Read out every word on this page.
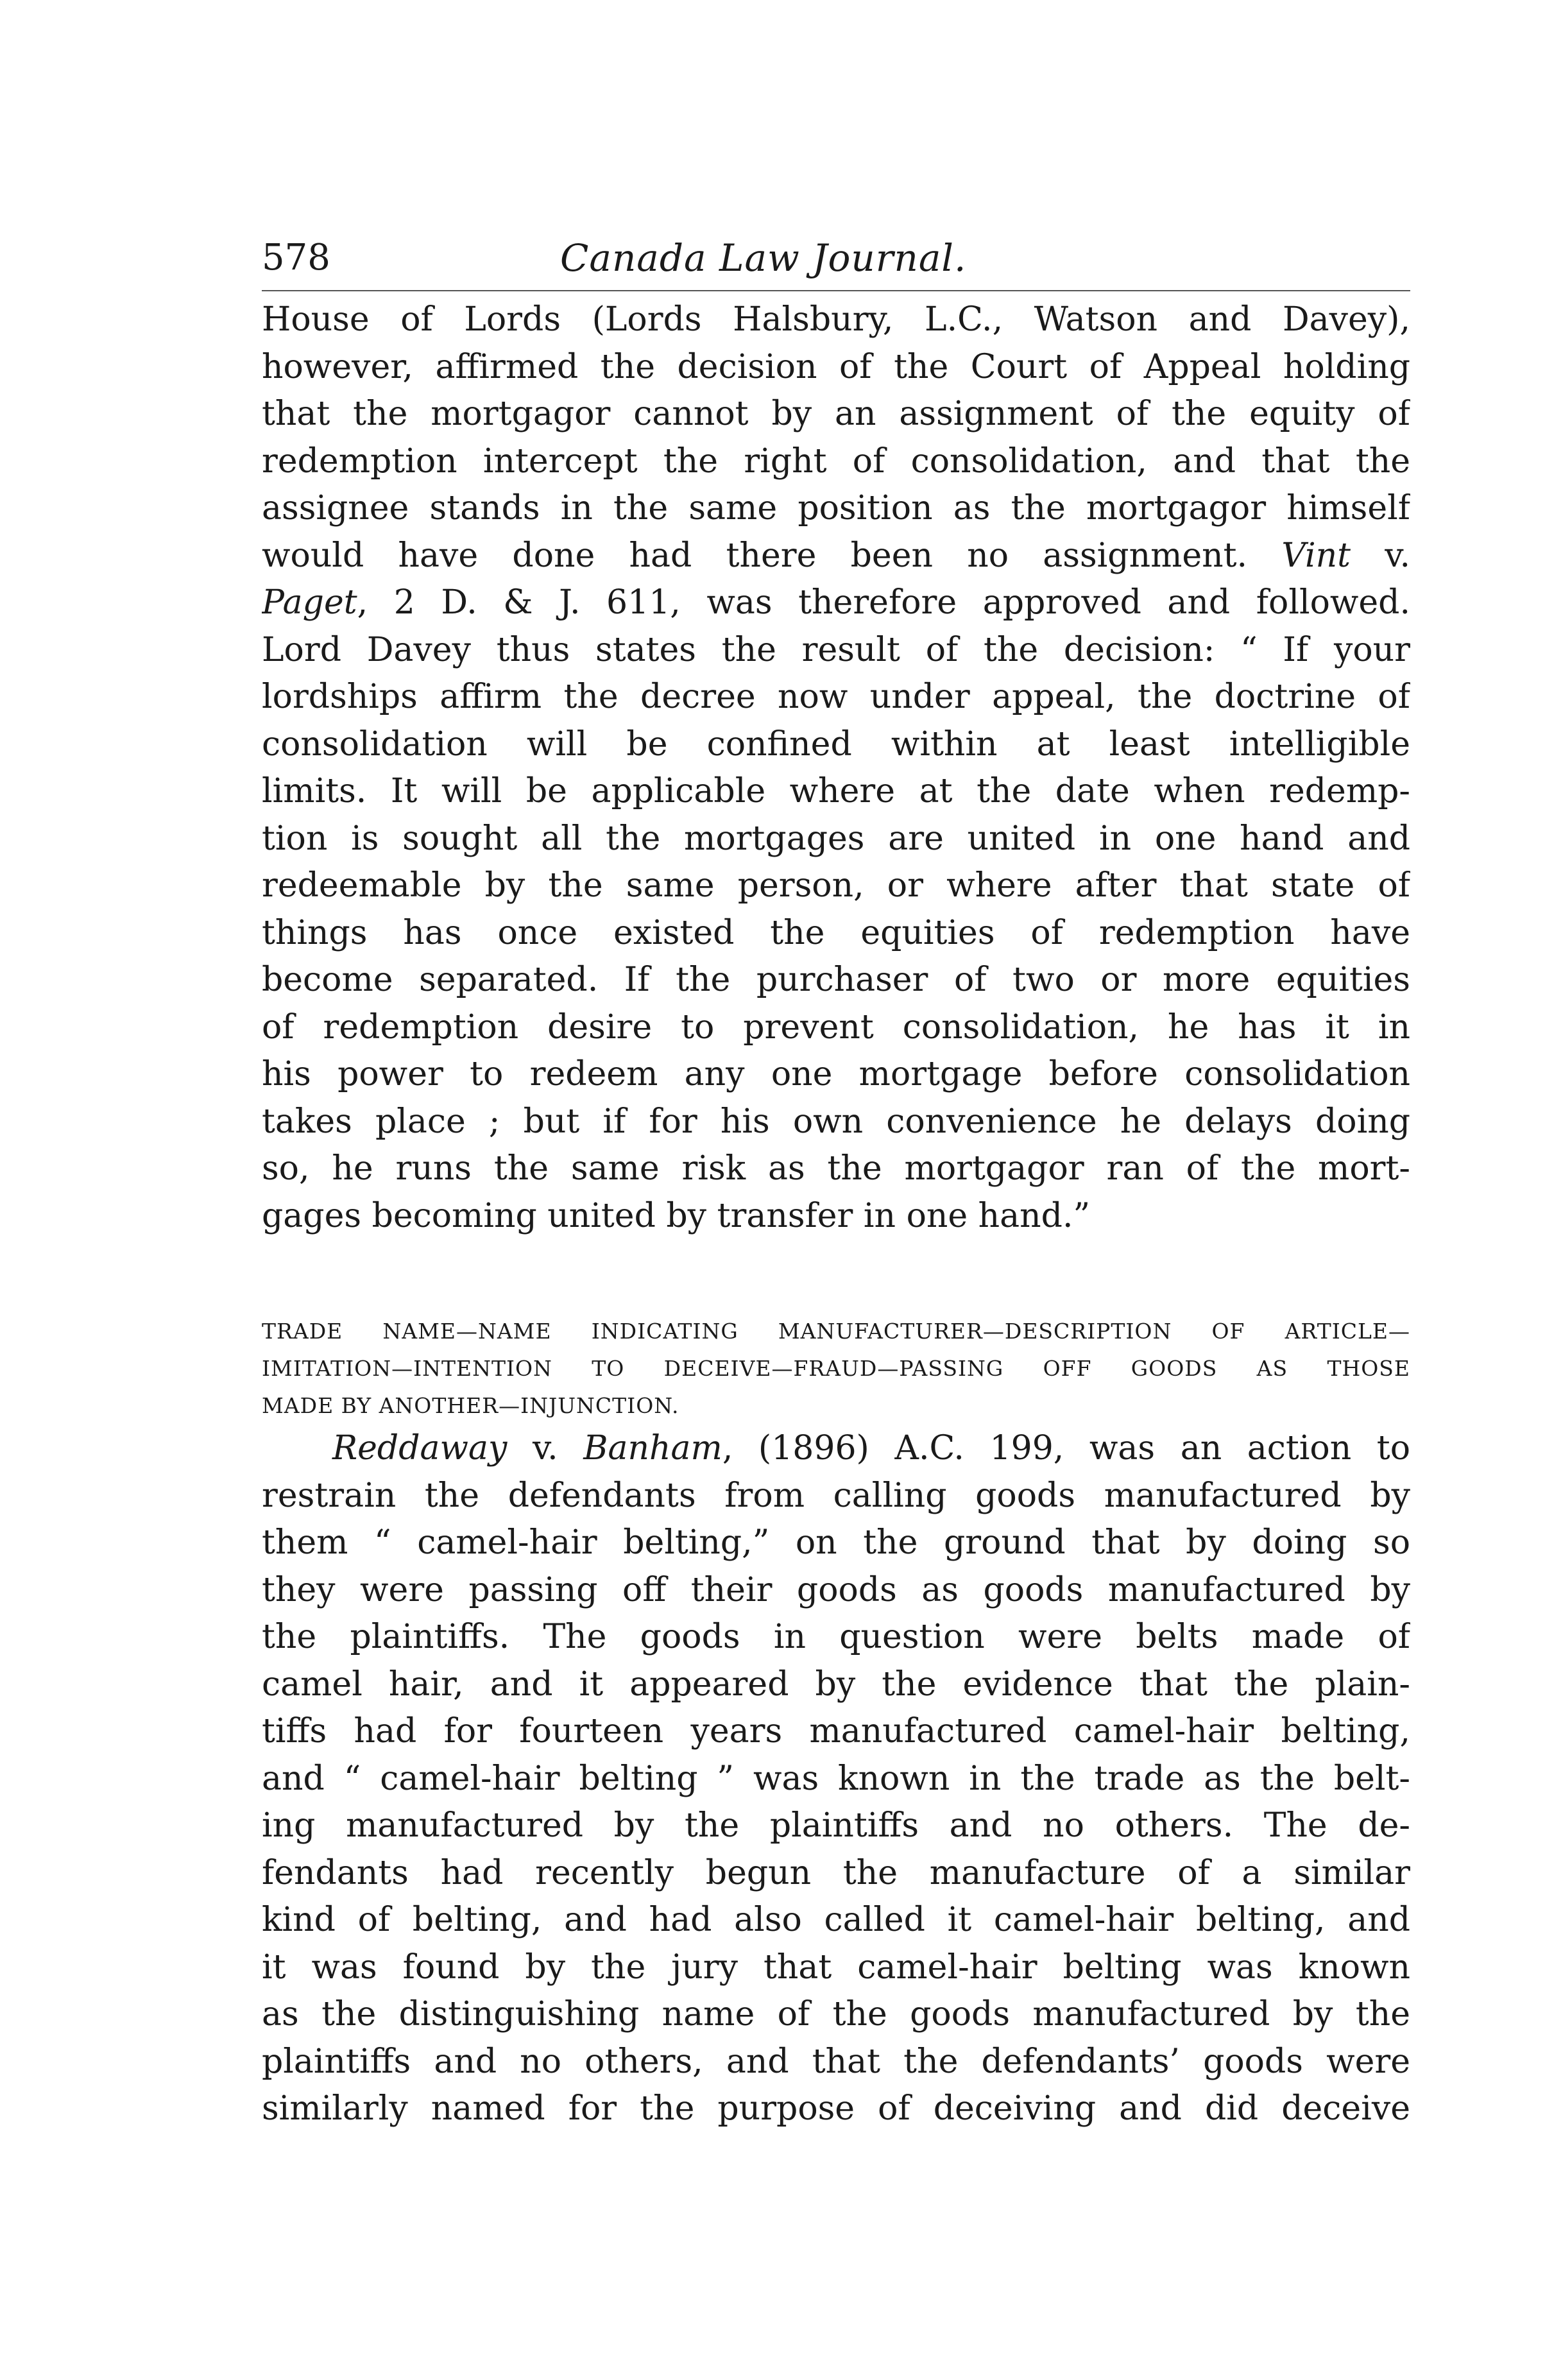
578	Canada Law Journal.
House of Lords (Lords Halsbury, L.C., Watson and Davey),
however, affirmed the decision of the Court of Appeal holding
that the mortgagor cannot by an assignment of the equity of
redemption intercept the right of consolidation, and that the
assignee stands in the same position as the mortgagor himself
would have done had there been no assignment. Vint v.
Paget, 2 D. & J. 611, was therefore approved and followed.
Lord Davey thus states the result of the decision: “ If your
lordships affirm the decree now under appeal, the doctrine of
consolidation will be confined within at least intelligible
limits. It will be applicable where at the date when redemp-
tion is sought all the mortgages are united in one hand and
redeemable by the same person, or where after that state of
things has once existed the equities of redemption have
become separated. If the purchaser of two or more equities
of redemption desire to prevent consolidation, he has it in
his power to redeem any one mortgage before consolidation
takes place ; but if for his own convenience he delays doing
so, he runs the same risk as the mortgagor ran of the mort-
gages becoming united by transfer in one hand.”
TRADE NAME—NAME INDICATING MANUFACTURER—DESCRIPTION OF ARTICLE—
IMITATION—INTENTION TO DECEIVE—FRAUD—PASSING OFF GOODS AS THOSE
MADE BY ANOTHER—INJUNCTION.
Reddaway v. Banham, (1896) A.C. 199, was an action to
restrain the defendants from calling goods manufactured by
them “ camel-hair belting,” on the ground that by doing so
they were passing off their goods as goods manufactured by
the plaintiffs. The goods in question were belts made of
camel hair, and it appeared by the evidence that the plain-
tiffs had for fourteen years manufactured camel-hair belting,
and “ camel-hair belting ” was known in the trade as the belt-
ing manufactured by the plaintiffs and no others. The de-
fendants had recently begun the manufacture of a similar
kind of belting, and had also called it camel-hair belting, and
it was found by the jury that camel-hair belting was known
as the distinguishing name of the goods manufactured by the
plaintiffs and no others, and that the defendants’ goods were
similarly named for the purpose of deceiving and did deceive
